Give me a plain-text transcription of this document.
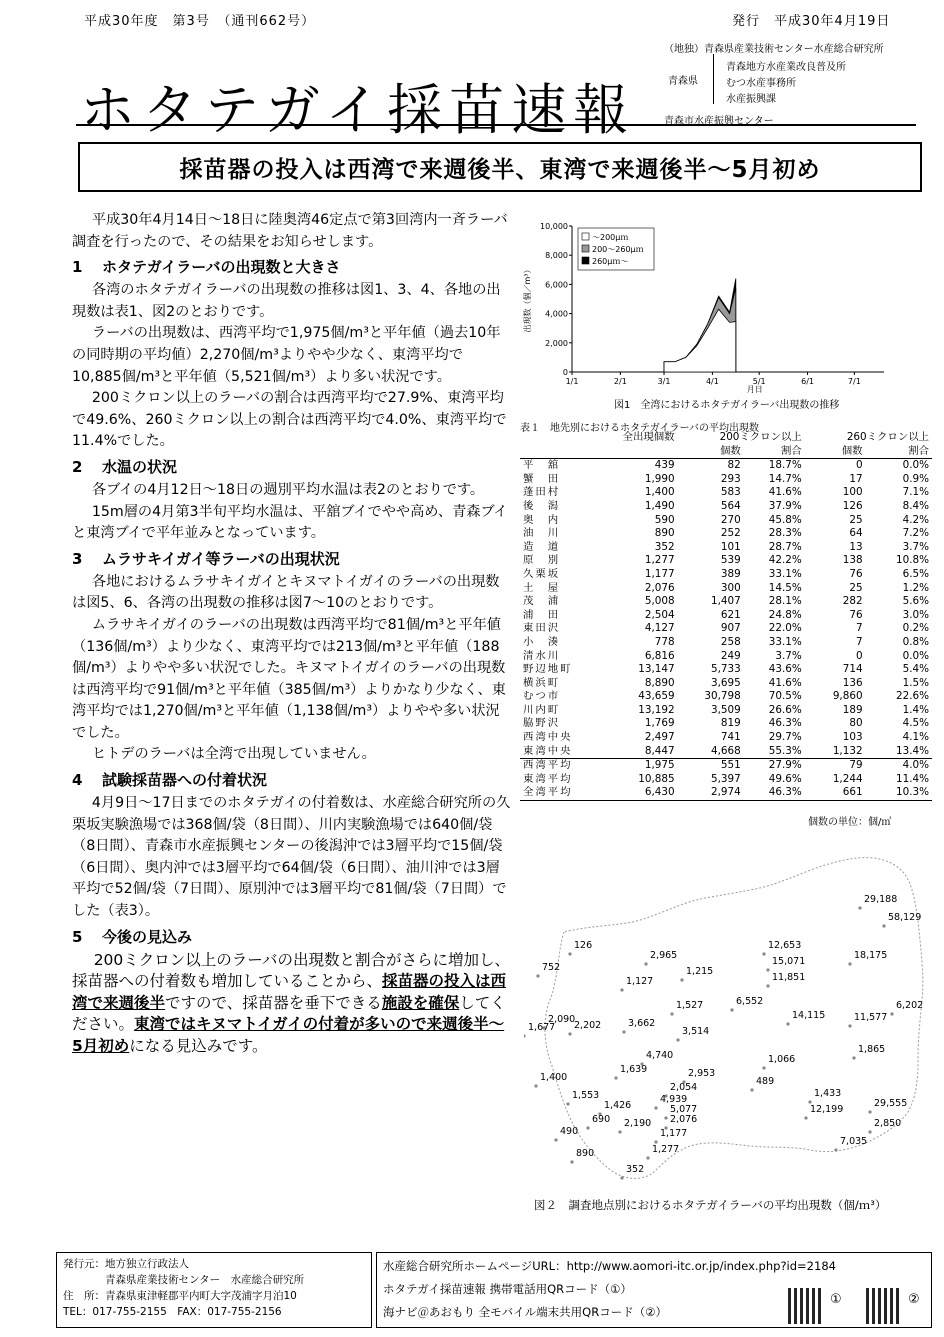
平成30年度　第3号　（通刊662号）	発行　平成30年4月19日
ホタテガイ採苗速報
（地独）青森県産業技術センター水産総合研究所
青森県
青森地方水産業改良普及所
むつ水産事務所
水産振興課
青森市水産振興センター
採苗器の投入は西湾で来週後半、東湾で来週後半～5月初め

平成30年4月14日～18日に陸奥湾46定点で第3回湾内一斉ラーバ調査を行ったので、その結果をお知らせします。

1 ホタテガイラーバの出現数と大きさ

各湾のホタテガイラーバの出現数の推移は図1、3、4、各地の出現数は表1、図2のとおりです。

ラーバの出現数は、西湾平均で1,975個/m³と平年値（過去10年の同時期の平均値）2,270個/m³よりやや少なく、東湾平均で10,885個/m³と平年値（5,521個/m³）より多い状況です。

200ミクロン以上のラーバの割合は西湾平均で27.9%、東湾平均で49.6%、260ミクロン以上の割合は西湾平均で4.0%、東湾平均で11.4%でした。

2 水温の状況

各ブイの4月12日～18日の週別平均水温は表2のとおりです。

15m層の4月第3半旬平均水温は、平舘ブイでやや高め、青森ブイと東湾ブイで平年並みとなっています。

3 ムラサキイガイ等ラーバの出現状況

各地におけるムラサキイガイとキヌマトイガイのラーバの出現数は図5、6、各湾の出現数の推移は図7～10のとおりです。

ムラサキイガイのラーバの出現数は西湾平均で81個/m³と平年値（136個/m³）より少なく、東湾平均では213個/m³と平年値（188個/m³）よりやや多い状況でした。キヌマトイガイのラーバの出現数は西湾平均で91個/m³と平年値（385個/m³）よりかなり少なく、東湾平均では1,270個/m³と平年値（1,138個/m³）よりやや多い状況でした。

ヒトデのラーバは全湾で出現していません。

4 試験採苗器への付着状況

4月9日～17日までのホタテガイの付着数は、水産総合研究所の久栗坂実験漁場では368個/袋（8日間）、川内実験漁場では640個/袋（8日間）、青森市水産振興センターの後潟沖では3層平均で15個/袋（6日間）、奥内沖では3層平均で64個/袋（6日間）、油川沖では3層平均で52個/袋（7日間）、原別沖では3層平均で81個/袋（7日間）でした（表3）。

5 今後の見込み

200ミクロン以上のラーバの出現数と割合がさらに増加し、採苗器への付着数も増加していることから、採苗器の投入は西湾で来週後半ですので、採苗器を垂下できる施設を確保してください。東湾ではキヌマトイガイの付着が多いので来週後半～5月初めになる見込みです。

10,000
8,000
6,000
4,000
2,000
0
1/1	2/1	3/1	4/1	5/1	6/1	7/1
月日
出現数（個／m³）
～200μｍ
200～260μｍ
260μｍ～
図1　全湾におけるホタテガイラーバ出現数の推移
表１　地先別におけるホタテガイラーバの平均出現数
	全出現個数	200ミクロン以上		260ミクロン以上	
		個数	割合	個数	割合
平　舘	439	82	18.7%	0	0.0%
蟹　田	1,990	293	14.7%	17	0.9%
蓬田村	1,400	583	41.6%	100	7.1%
後　潟	1,490	564	37.9%	126	8.4%
奥　内	590	270	45.8%	25	4.2%
油　川	890	252	28.3%	64	7.2%
造　道	352	101	28.7%	13	3.7%
原　別	1,277	539	42.2%	138	10.8%
久栗坂	1,177	389	33.1%	76	6.5%
土　屋	2,076	300	14.5%	25	1.2%
茂　浦	5,008	1,407	28.1%	282	5.6%
浦　田	2,504	621	24.8%	76	3.0%
東田沢	4,127	907	22.0%	7	0.2%
小　湊	778	258	33.1%	7	0.8%
清水川	6,816	249	3.7%	0	0.0%
野辺地町	13,147	5,733	43.6%	714	5.4%
横浜町	8,890	3,695	41.6%	136	1.5%
むつ市	43,659	30,798	70.5%	9,860	22.6%
川内町	13,192	3,509	26.6%	189	1.4%
脇野沢	1,769	819	46.3%	80	4.5%
西湾中央	2,497	741	29.7%	103	4.1%
東湾中央	8,447	4,668	55.3%	1,132	13.4%
西湾平均	1,975	551	27.9%	79	4.0%
東湾平均	10,885	5,397	49.6%	1,244	11.4%
全湾平均	6,430	2,974	46.3%	661	10.3%
個数の単位：個/㎥
29,188
58,129
12,653
15,071
11,851
18,175
126
752
2,965
1,215
1,127
6,552	6,202
14,115	11,577
2,090
1,527
1,677 2,202	3,662
3,514
1,865
4,740	1,066
1,639	2,953
489
1,400
2,054
1,433
1,553
1,426
4,939
5,077
29,555
12,199
690 2,190 2,076
490	1,177
2,850
7,035
890	1,277
352
図２　調査地点別におけるホタテガイラーバの平均出現数（個/ｍ³）
発行元：地方独立行政法人
青森県産業技術センター　水産総合研究所
住　所：青森県東津軽郡平内町大字茂浦字月泊10
TEL：017-755-2155　FAX：017-755-2156
水産総合研究所ホームページURL：http://www.aomori-itc.or.jp/index.php?id=2184
ホタテガイ採苗速報 携帯電話用QRコード（①）
海ナビ＠あおもり 全モバイル端末共用QRコード（②）
①	②
